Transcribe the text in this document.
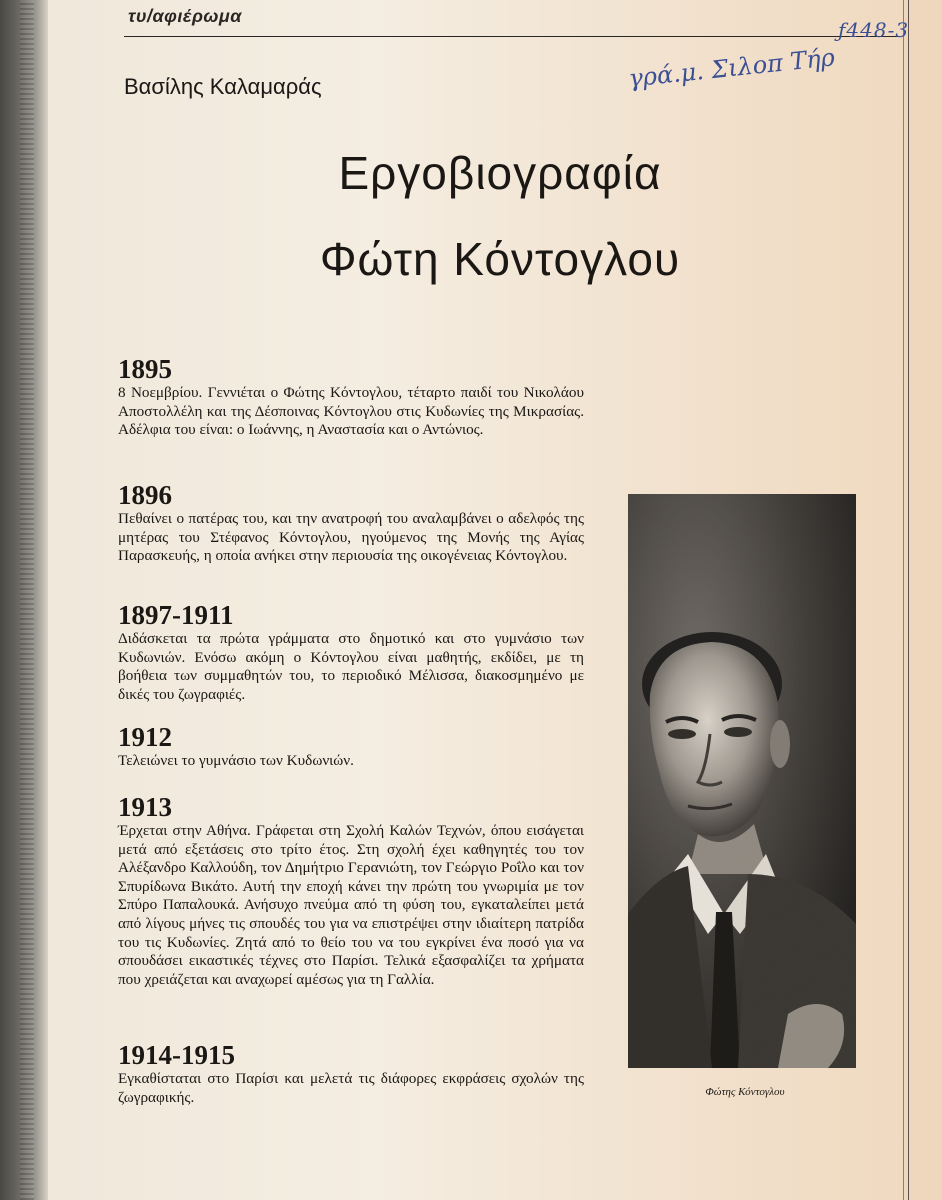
τυ/αφιέρωμα
ƒ448-3
γρά.μ. Σιλοπ Τήρ
Βασίλης Καλαμαράς
Εργοβιογραφία
Φώτη Κόντογλου

1895

8 Νοεμβρίου. Γεννιέται ο Φώτης Κόντογλου, τέταρτο παιδί του Νικολάου Αποστολλέλη και της Δέσποινας Κόντογλου στις Κυδωνίες της Μικρασίας. Αδέλφια του είναι: ο Ιωάννης, η Αναστασία και ο Αντώνιος.

1896

Πεθαίνει ο πατέρας του, και την ανατροφή του αναλαμβάνει ο αδελφός της μητέρας του Στέφανος Κόντογλου, ηγούμενος της Μονής της Αγίας Παρασκευής, η οποία ανήκει στην περιουσία της οικογένειας Κόντογλου.

1897-1911

Διδάσκεται τα πρώτα γράμματα στο δημοτικό και στο γυμνάσιο των Κυδωνιών. Ενόσω ακόμη ο Κόντογλου είναι μαθητής, εκδίδει, με τη βοήθεια των συμμαθητών του, το περιοδικό Μέλισσα, διακοσμημένο με δικές του ζωγραφιές.

1912

Τελειώνει το γυμνάσιο των Κυδωνιών.

1913

Έρχεται στην Αθήνα. Γράφεται στη Σχολή Καλών Τεχνών, όπου εισάγεται μετά από εξετάσεις στο τρίτο έτος. Στη σχολή έχει καθηγητές του τον Αλέξανδρο Καλλούδη, τον Δημήτριο Γερανιώτη, τον Γεώργιο Ροΐλο και τον Σπυρίδωνα Βικάτο. Αυτή την εποχή κάνει την πρώτη του γνωριμία με τον Σπύρο Παπαλουκά. Ανήσυχο πνεύμα από τη φύση του, εγκαταλείπει μετά από λίγους μήνες τις σπουδές του για να επιστρέψει στην ιδιαίτερη πατρίδα του τις Κυδωνίες. Ζητά από το θείο του να του εγκρίνει ένα ποσό για να σπουδάσει εικαστικές τέχνες στο Παρίσι. Τελικά εξασφαλίζει τα χρήματα που χρειάζεται και αναχωρεί αμέσως για τη Γαλλία.

1914-1915

Εγκαθίσταται στο Παρίσι και μελετά τις διάφορες εκφράσεις σχολών της ζωγραφικής.	Φώτης Κόντογλου
